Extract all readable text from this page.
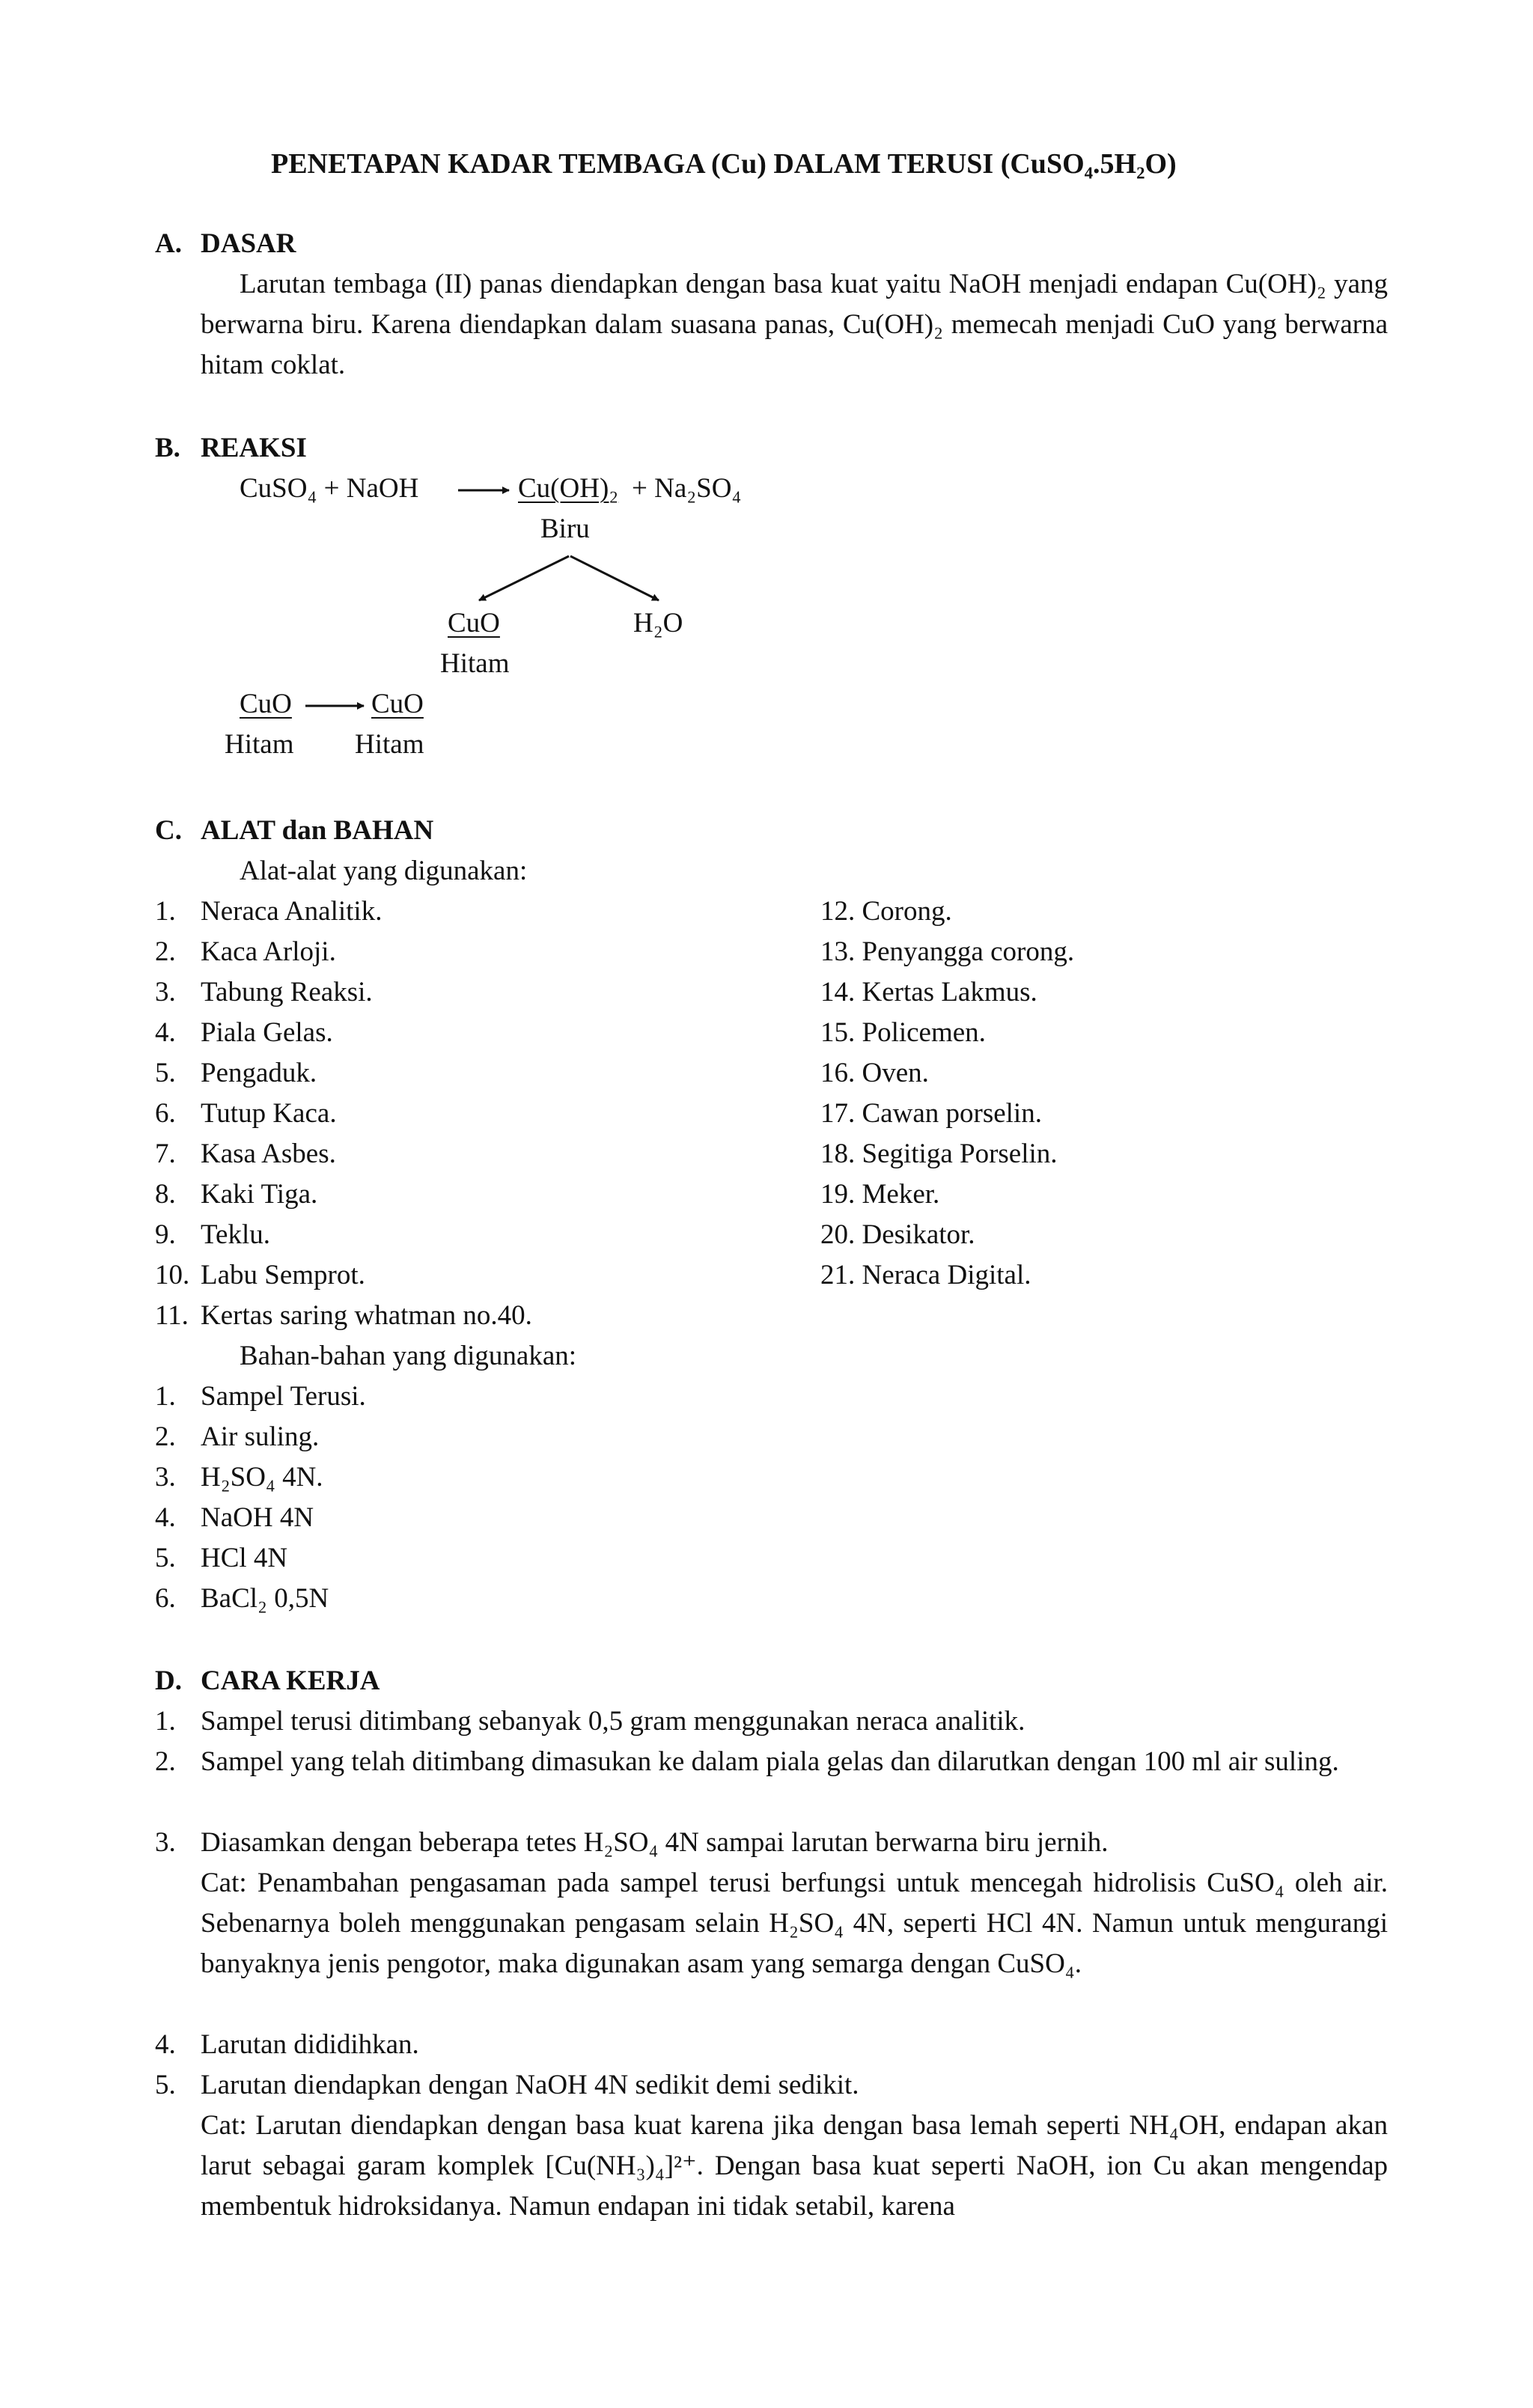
PENETAPAN KADAR TEMBAGA (Cu) DALAM TERUSI (CuSO₄.5H₂O)
A. DASAR
Larutan tembaga (II) panas diendapkan dengan basa kuat yaitu NaOH menjadi endapan Cu(OH)₂ yang berwarna biru. Karena diendapkan dalam suasana panas, Cu(OH)₂ memecah menjadi CuO yang berwarna hitam coklat.
B. REAKSI
CuSO₄ + NaOH	Cu(OH)₂ + Na₂SO₄
Biru
CuO	H₂O
Hitam
CuO	CuO
Hitam Hitam
C. ALAT dan BAHAN
Alat-alat yang digunakan:
1. Neraca Analitik.
2. Kaca Arloji.
3. Tabung Reaksi.
4. Piala Gelas.
5. Pengaduk.
6. Tutup Kaca.
7. Kasa Asbes.
8. Kaki Tiga.
9. Teklu.
10. Labu Semprot.
11. Kertas saring whatman no.40.
12. Corong.
13. Penyangga corong.
14. Kertas Lakmus.
15. Policemen.
16. Oven.
17. Cawan porselin.
18. Segitiga Porselin.
19. Meker.
20. Desikator.
21. Neraca Digital.
Bahan-bahan yang digunakan:
1. Sampel Terusi.
2. Air suling.
3. H₂SO₄ 4N.
4. NaOH 4N
5. HCl 4N
6. BaCl₂ 0,5N
D. CARA KERJA
1. Sampel terusi ditimbang sebanyak 0,5 gram menggunakan neraca analitik.
2. Sampel yang telah ditimbang dimasukan ke dalam piala gelas dan dilarutkan dengan 100 ml air suling.
3. Diasamkan dengan beberapa tetes H₂SO₄ 4N sampai larutan berwarna biru jernih.
Cat: Penambahan pengasaman pada sampel terusi berfungsi untuk mencegah hidrolisis CuSO₄ oleh air. Sebenarnya boleh menggunakan pengasam selain H₂SO₄ 4N, seperti HCl 4N. Namun untuk mengurangi banyaknya jenis pengotor, maka digunakan asam yang semarga dengan CuSO₄.
4. Larutan dididihkan.
5. Larutan diendapkan dengan NaOH 4N sedikit demi sedikit.
Cat: Larutan diendapkan dengan basa kuat karena jika dengan basa lemah seperti NH₄OH, endapan akan larut sebagai garam komplek [Cu(NH₃)₄]²⁺. Dengan basa kuat seperti NaOH, ion Cu akan mengendap membentuk hidroksidanya. Namun endapan ini tidak setabil, karena
